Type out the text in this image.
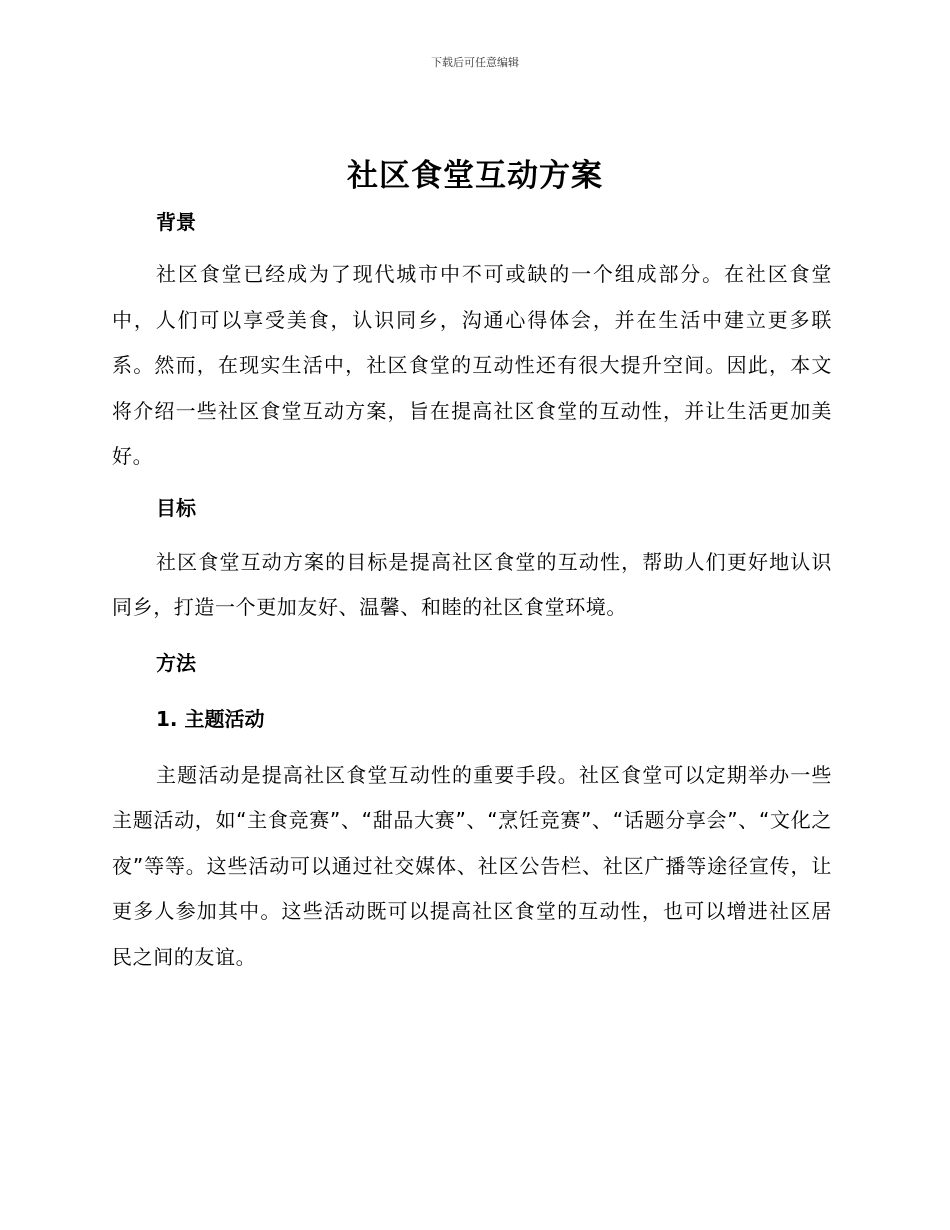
下载后可任意编辑
社区食堂互动方案
背景

社区食堂已经成为了现代城市中不可或缺的一个组成部分。在社区食堂中，人们可以享受美食，认识同乡，沟通心得体会，并在生活中建立更多联系。然而，在现实生活中，社区食堂的互动性还有很大提升空间。因此，本文将介绍一些社区食堂互动方案，旨在提高社区食堂的互动性，并让生活更加美好。

目标

社区食堂互动方案的目标是提高社区食堂的互动性，帮助人们更好地认识同乡，打造一个更加友好、温馨、和睦的社区食堂环境。

方法
1. 主题活动

主题活动是提高社区食堂互动性的重要手段。社区食堂可以定期举办一些主题活动，如“主食竞赛”、“甜品大赛”、“烹饪竞赛”、“话题分享会”、“文化之夜”等等。这些活动可以通过社交媒体、社区公告栏、社区广播等途径宣传，让更多人参加其中。这些活动既可以提高社区食堂的互动性，也可以增进社区居民之间的友谊。
